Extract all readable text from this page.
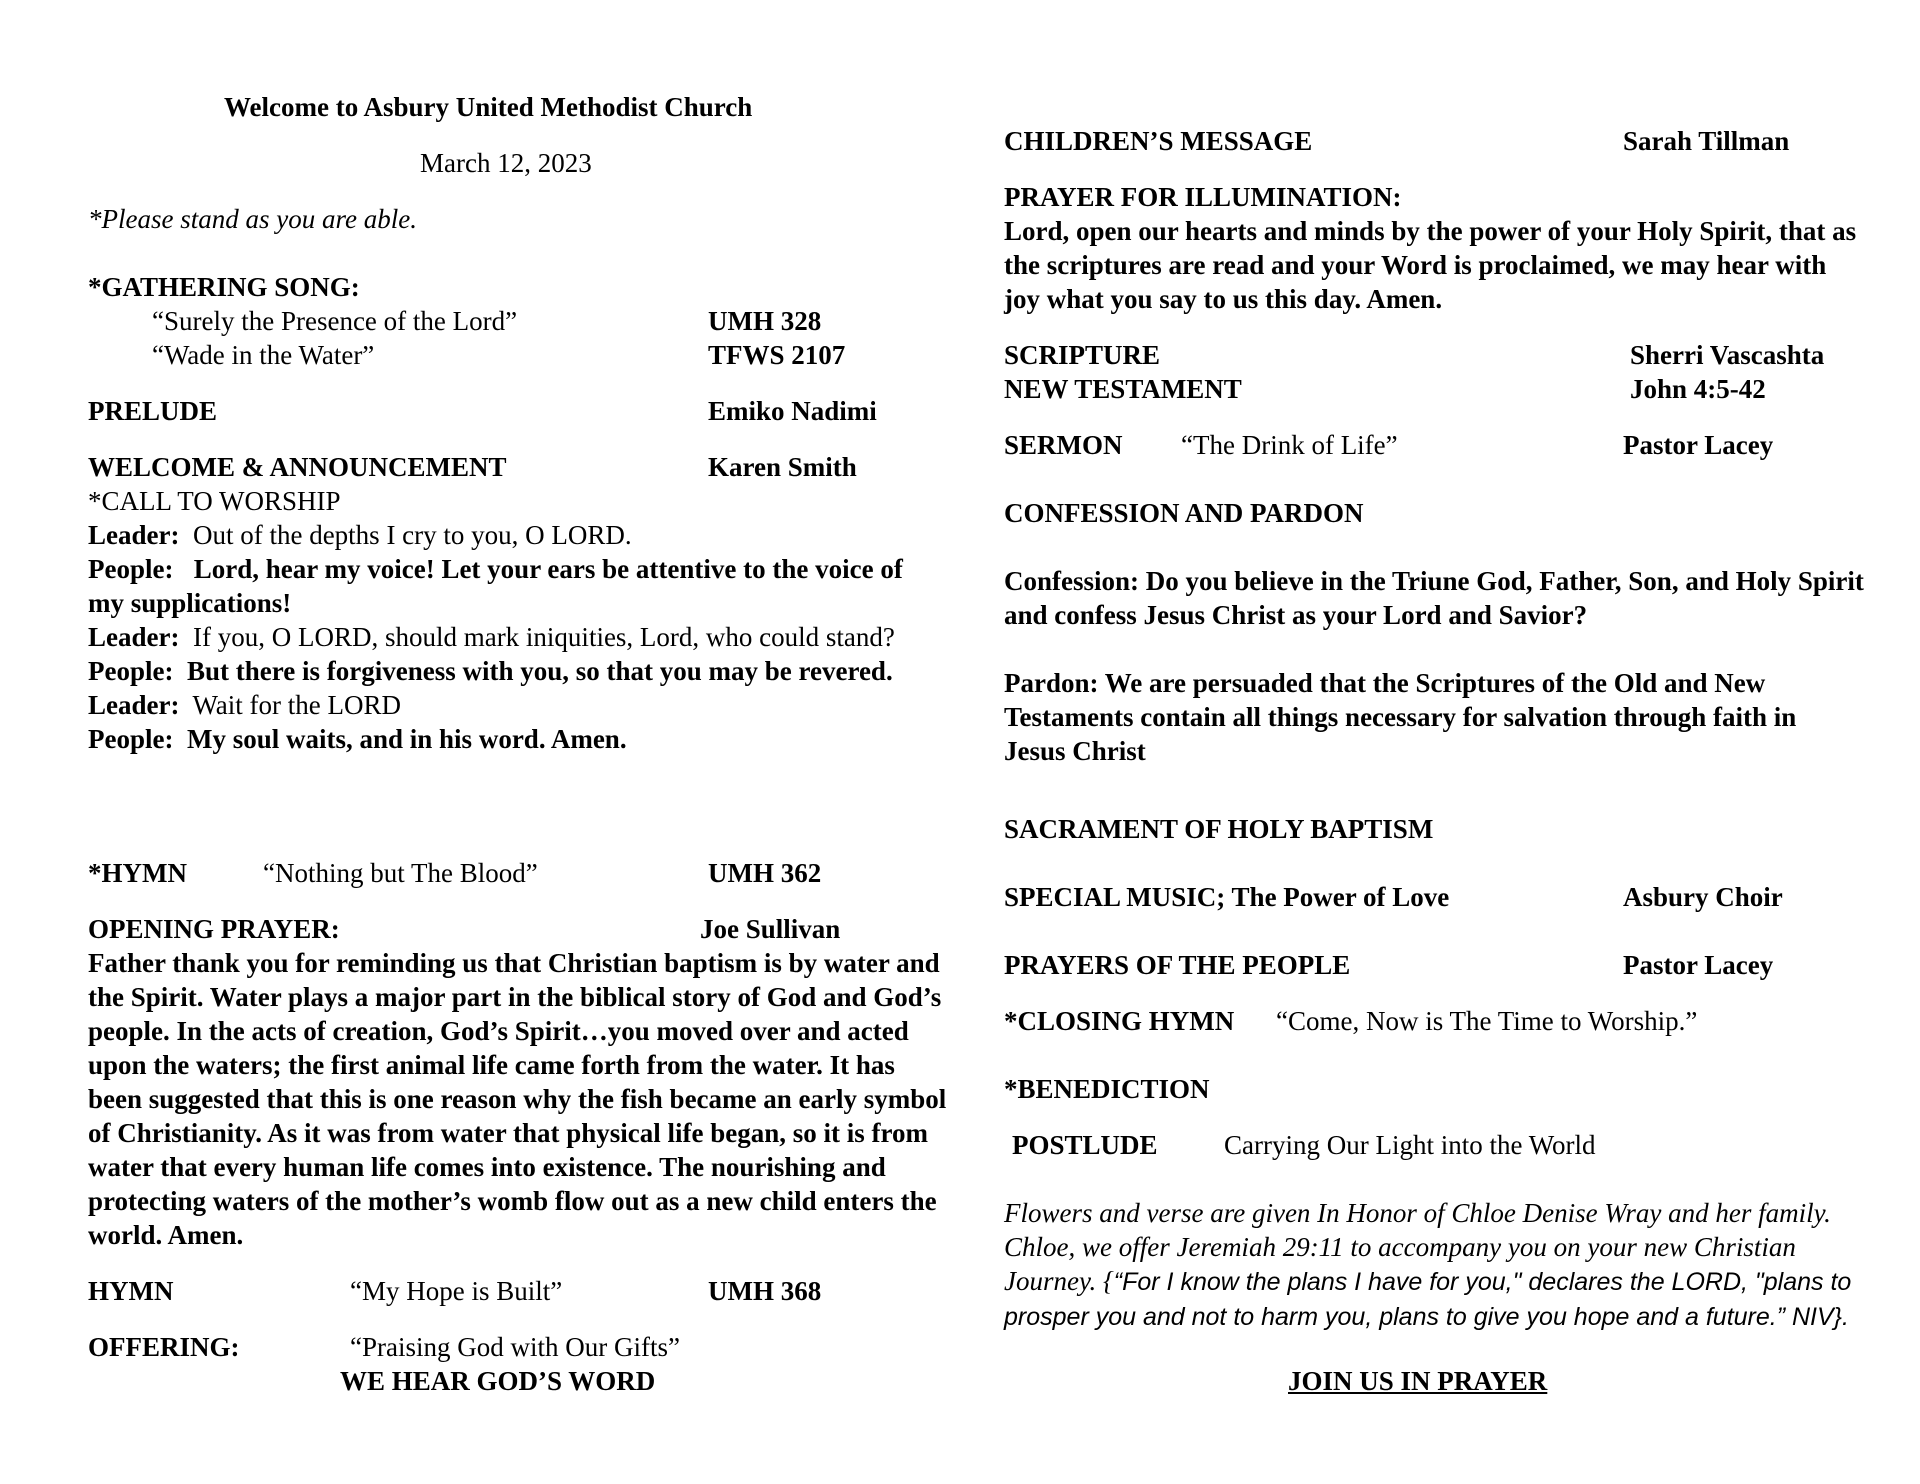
Welcome to Asbury United Methodist Church
March 12, 2023
*Please stand as you are able.
*GATHERING SONG:
“Surely the Presence of the Lord”	UMH 328
“Wade in the Water”	TFWS 2107
PRELUDE	Emiko Nadimi
WELCOME & ANNOUNCEMENT	Karen Smith
*CALL TO WORSHIP
Leader: Out of the depths I cry to you, O LORD.
People: Lord, hear my voice! Let your ears be attentive to the voice of my supplications!
Leader: If you, O LORD, should mark iniquities, Lord, who could stand?
People: But there is forgiveness with you, so that you may be revered.
Leader: Wait for the LORD
People: My soul waits, and in his word. Amen.
*HYMN	“Nothing but The Blood”	UMH 362
OPENING PRAYER:	Joe Sullivan
Father thank you for reminding us that Christian baptism is by water and the Spirit. Water plays a major part in the biblical story of God and God’s people. In the acts of creation, God’s Spirit…you moved over and acted upon the waters; the first animal life came forth from the water. It has been suggested that this is one reason why the fish became an early symbol of Christianity. As it was from water that physical life began, so it is from water that every human life comes into existence. The nourishing and protecting waters of the mother’s womb flow out as a new child enters the world. Amen.
HYMN	“My Hope is Built”	UMH 368
OFFERING:	“Praising God with Our Gifts”
WE HEAR GOD’S WORD
CHILDREN’S MESSAGE	Sarah Tillman
PRAYER FOR ILLUMINATION:
Lord, open our hearts and minds by the power of your Holy Spirit, that as the scriptures are read and your Word is proclaimed, we may hear with joy what you say to us this day. Amen.
SCRIPTURE	Sherri Vascashta
NEW TESTAMENT	John 4:5-42
SERMON “The Drink of Life”	Pastor Lacey
CONFESSION AND PARDON
Confession: Do you believe in the Triune God, Father, Son, and Holy Spirit and confess Jesus Christ as your Lord and Savior?
Pardon: We are persuaded that the Scriptures of the Old and New Testaments contain all things necessary for salvation through faith in Jesus Christ
SACRAMENT OF HOLY BAPTISM
SPECIAL MUSIC; The Power of Love	Asbury Choir
PRAYERS OF THE PEOPLE	Pastor Lacey
*CLOSING HYMN “Come, Now is The Time to Worship.”
*BENEDICTION
POSTLUDE Carrying Our Light into the World
Flowers and verse are given In Honor of Chloe Denise Wray and her family. Chloe, we offer Jeremiah 29:11 to accompany you on your new Christian Journey. {“For I know the plans I have for you," declares the LORD, "plans to prosper you and not to harm you, plans to give you hope and a future.” NIV}.
JOIN US IN PRAYER
